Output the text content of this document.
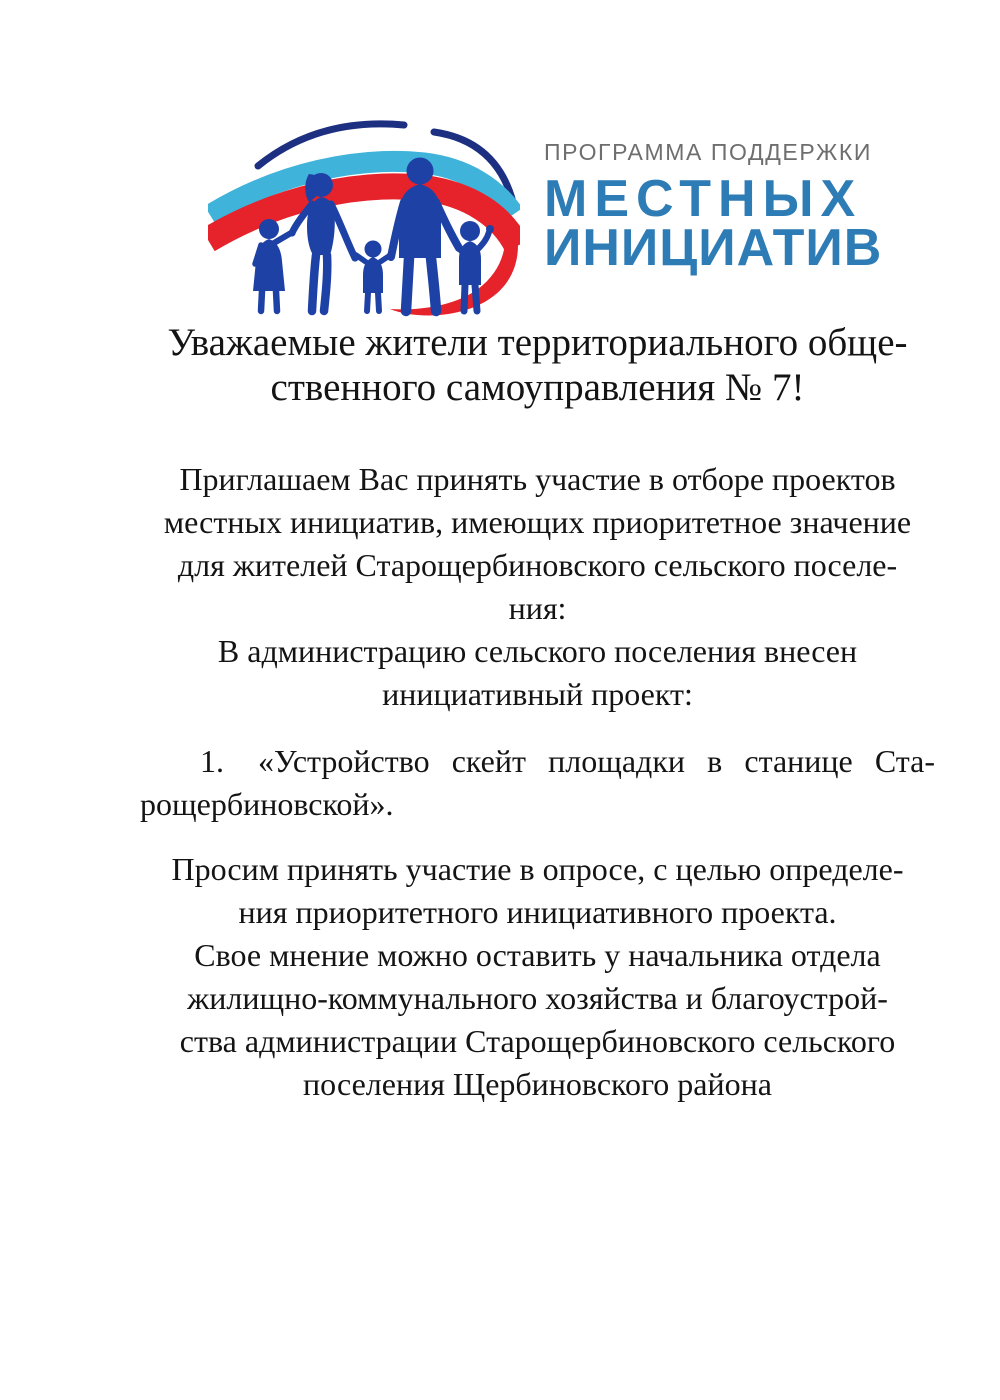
ПРОГРАММА ПОДДЕРЖКИ
МЕСТНЫХ
ИНИЦИАТИВ
Уважаемые жители территориального обще-
ственного самоуправления № 7!
Приглашаем Вас принять участие в отборе проектов
местных инициатив, имеющих приоритетное значение
для жителей Старощербиновского сельского поселе-
ния:
В администрацию сельского поселения внесен
инициативный проект:
1. «Устройство скейт площадки в станице Ста-
рощербиновской».
Просим принять участие в опросе, с целью определе-
ния приоритетного инициативного проекта.
Свое мнение можно оставить у начальника отдела
жилищно-коммунального хозяйства и благоустрой-
ства администрации Старощербиновского сельского
поселения Щербиновского района
